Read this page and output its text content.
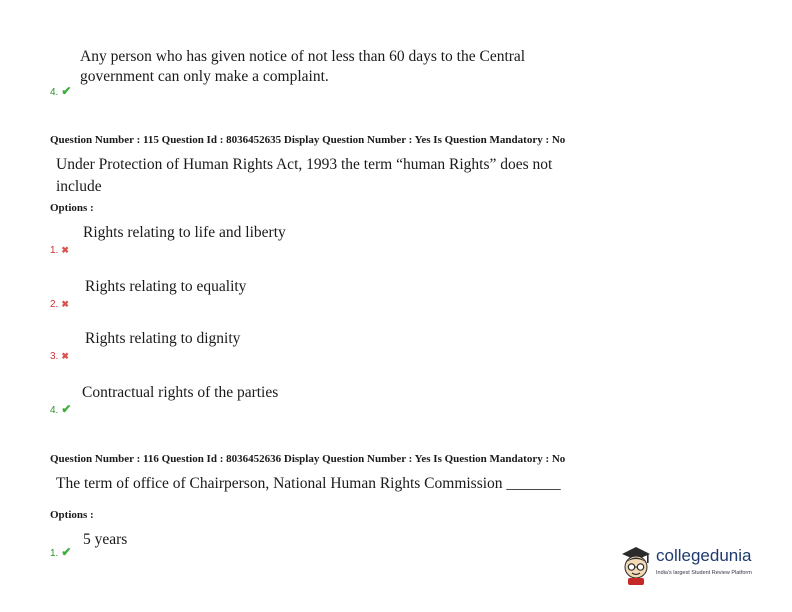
Any person who has given notice of not less than 60 days to the Central
government can only make a complaint.
4. ✔
Question Number : 115 Question Id : 8036452635 Display Question Number : Yes Is Question Mandatory : No
Under Protection of Human Rights Act, 1993 the term “human Rights” does not
include
Options :
Rights relating to life and liberty
1. ✖
Rights relating to equality
2. ✖
Rights relating to dignity
3. ✖
Contractual rights of the parties
4. ✔
Question Number : 116 Question Id : 8036452636 Display Question Number : Yes Is Question Mandatory : No
The term of office of Chairperson, National Human Rights Commission _______
Options :
5 years
1. ✔	collegedunia
India's largest Student Review Platform
